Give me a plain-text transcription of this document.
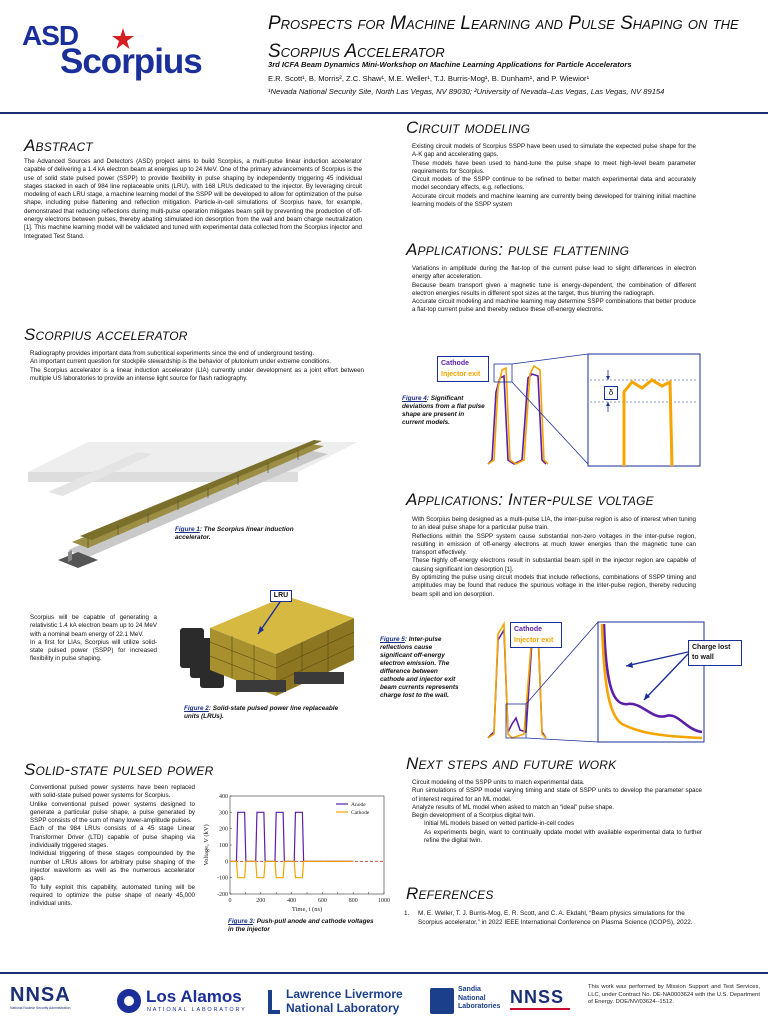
ASD
Scorpius
Prospects for Machine Learning and Pulse Shaping on the
Scorpius Accelerator
3rd ICFA Beam Dynamics Mini-Workshop on Machine Learning Applications for Particle Accelerators
E.R. Scott¹, B. Morris², Z.C. Shaw¹, M.E. Weller¹, T.J. Burris-Mog¹, B. Dunham¹, and P. Wiewior¹
¹Nevada National Security Site, North Las Vegas, NV 89030; ²University of Nevada–Las Vegas, Las Vegas, NV 89154
Abstract
The Advanced Sources and Detectors (ASD) project aims to build Scorpius, a multi-pulse linear induction accelerator capable of delivering a 1.4 kA electron beam at energies up to 24 MeV. One of the primary advancements of Scorpius is the use of solid state pulsed power (SSPP) to provide flexibility in pulse shaping by independently triggering 45 individual stages stacked in each of 984 line replaceable units (LRU), with 168 LRUs dedicated to the injector. By leveraging circuit modeling of each LRU stage, a machine learning model of the SSPP will be developed to allow for optimization of the pulse shape, including pulse flattening and reflection mitigation. Particle-in-cell simulations of Scorpius have, for example, demonstrated that reducing reflections during multi-pulse operation mitigates beam spill by preventing the production of off-energy electrons between pulses, thereby abating stimulated ion desorption from the wall and beam charge neutralization [1]. This machine learning model will be validated and tuned with experimental data collected from the Scorpius injector and Integrated Test Stand.
Scorpius accelerator

Radiography provides important data from subcritical experiments since the end of underground testing.

An important current question for stockpile stewardship is the behavior of plutonium under extreme conditions.

The Scorpius accelerator is a linear induction accelerator (LIA) currently under development as a joint effort between multiple US laboratories to provide an intense light source for flash radiography.

Figure 1: The Scorpius linear induction accelerator.

Scorpius will be capable of generating a relativistic 1.4 kA electron beam up to 24 MeV with a nominal beam energy of 22.1 MeV.

In a first for LIAs, Scorpius will utilize solid-state pulsed power (SSPP) for increased flexibility in pulse shaping.

LRU
Figure 2: Solid-state pulsed power line replaceable units (LRUs).
Solid-state pulsed power

Conventional pulsed power systems have been replaced with solid-state pulsed power systems for Scorpius.

Unlike conventional pulsed power systems designed to generate a particular pulse shape, a pulse generated by SSPP consists of the sum of many lower-amplitude pulses.

Each of the 984 LRUs consists of a 45 stage Linear Transformer Driver (LTD) capable of pulse shaping via individually triggered stages.

Individual triggering of these stages compounded by the number of LRUs allows for arbitrary pulse shaping of the injector waveform as well as the numerous accelerator gaps.

To fully exploit this capability, automated tuning will be required to optimize the pulse shape of nearly 45,000 individual units.	0	200	400	600	800	1000
-200
-100
0
100
200
300
400
Anode
Cathode
Time, t (ns)
Voltage, V (kV)
Figure 3: Push-pull anode and cathode voltages in the injector
Circuit modeling

Existing circuit models of Scorpius SSPP have been used to simulate the expected pulse shape for the A-K gap and accelerating gaps.

These models have been used to hand-tune the pulse shape to meet high-level beam parameter requirements for Scorpius.

Circuit models of the SSPP continue to be refined to better match experimental data and accurately model secondary effects, e.g. reflections.

Accurate circuit models and machine learning are currently being developed for training initial machine learning models of the SSPP system

Applications: pulse flattening

Variations in amplitude during the flat-top of the current pulse lead to slight differences in electron energy after acceleration.

Because beam transport given a magnetic tune is energy-dependent, the combination of different electron energies results in different spot sizes at the target, thus blurring the radiograph.

Accurate circuit modeling and machine learning may determine SSPP combinations that better produce a flat-top current pulse and thereby reduce these off-energy electrons.

Cathode
Injector exit
δ
Figure 4: Significant deviations from a flat pulse shape are present in current models.
Applications: Inter-pulse voltage

With Scorpius being designed as a multi-pulse LIA, the inter-pulse region is also of interest when tuning to an ideal pulse shape for a particular pulse train.

Reflections within the SSPP system cause substantial non-zero voltages in the inter-pulse region, resulting in emission of off-energy electrons at much lower energies than the magnetic tune can transport effectively.

These highly off-energy electrons result in substantial beam spill in the injector region are capable of causing significant ion desorption [1].

By optimizing the pulse using circuit models that include reflections, combinations of SSPP timing and amplitudes may be found that reduce the spurious voltage in the inter-pulse region, thereby reducing beam spill and ion desorption.

Cathode
Injector exit
Charge lost to wall
Figure 5: Inter-pulse reflections cause significant off-energy electron emission. The difference between cathode and injector exit beam currents represents charge lost to the wall.
Next steps and future work

Circuit modeling of the SSPP units to match experimental data.

Run simulations of SSPP model varying timing and state of SSPP units to develop the parameter space of interest required for an ML model.

Analyze results of ML model when asked to match an “ideal” pulse shape.

Begin development of a Scorpius digital twin.

Initial ML models based on vetted particle-in-cell codes

As experiments begin, want to continually update model with available experimental data to further refine the digital twin.

References
1.	M. E. Weller, T. J. Burris-Mog, E. R. Scott, and C. A. Ekdahl, “Beam physics simulations for the Scorpius accelerator,” in 2022 IEEE International Conference on Plasma Science (ICOPS), 2022.
NNSA
National Nuclear Security Administration
Los Alamos
NATIONAL LABORATORY
Lawrence Livermore
National Laboratory
Sandia
National
Laboratories NNSS	This work was performed by Mission Support and Test Services, LLC, under Contract No. DE-NA0003624 with the U.S. Department of Energy. DOE/NV/03624--1512.
